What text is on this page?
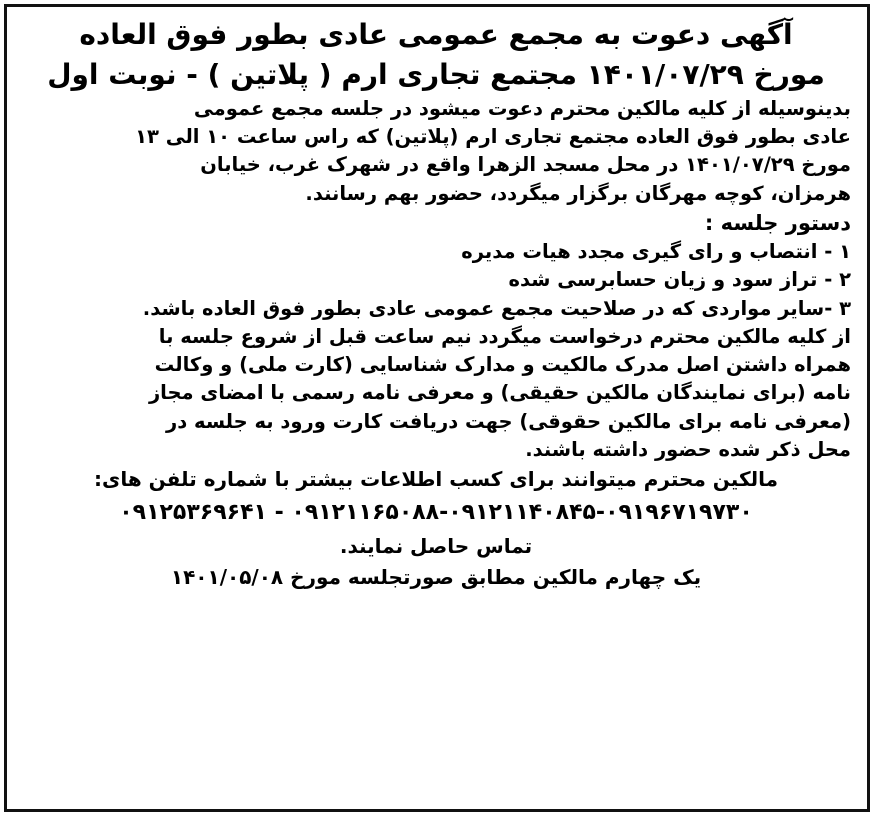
آگهی دعوت به مجمع عمومی عادی بطور فوق العاده
مورخ ۱۴۰۱/۰۷/۲۹ مجتمع تجاری ارم ( پلاتین ) - نوبت اول
بدینوسیله از کلیه مالکین محترم دعوت میشود در جلسه مجمع عمومی
عادی بطور فوق العاده مجتمع تجاری ارم (پلاتین) که راس ساعت ۱۰ الی ۱۳
مورخ ۱۴۰۱/۰۷/۲۹ در محل مسجد الزهرا واقع در شهرک غرب، خیابان
هرمزان، کوچه مهرگان برگزار میگردد، حضور بهم رسانند.
دستور جلسه :
۱ - انتصاب و رای گیری مجدد هیات مدیره
۲ - تراز سود و زیان حسابرسی شده
۳ -سایر مواردی که در صلاحیت مجمع عمومی عادی بطور فوق العاده باشد.
از کلیه مالکین محترم درخواست میگردد نیم ساعت قبل از شروع جلسه با
همراه داشتن اصل مدرک مالکیت و مدارک شناسایی (کارت ملی) و وکالت
نامه (برای نمایندگان مالکین حقیقی) و معرفی نامه رسمی با امضای مجاز
(معرفی نامه برای مالکین حقوقی) جهت دریافت کارت ورود به جلسه در
محل ذکر شده حضور داشته باشند.
مالکین محترم میتوانند برای کسب اطلاعات بیشتر با شماره تلفن های:
۰۹۱۲۱۱۶۵۰۸۸-۰۹۱۲۱۱۴۰۸۴۵-۰۹۱۹۶۷۱۹۷۳۰ - ۰۹۱۲۵۳۶۹۶۴۱
تماس حاصل نمایند.
یک چهارم مالکین مطابق صورتجلسه مورخ ۱۴۰۱/۰۵/۰۸
